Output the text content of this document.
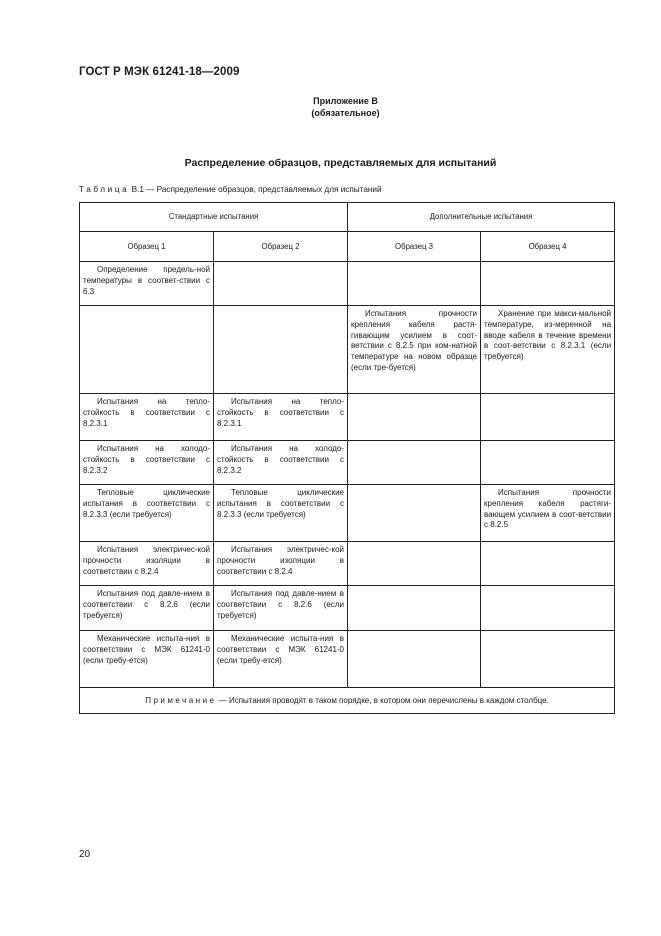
ГОСТ Р МЭК 61241-18—2009
Приложение В
(обязательное)
Распределение образцов, представляемых для испытаний
Таблица В.1 — Распределение образцов, представляемых для испытаний
Стандартные испытания		Дополнительные испытания	
Образец 1	Образец 2	Образец 3	Образец 4

Определение предель-ной температуры в соответ-ствии с 6.3			

		Испытания прочности крепления кабеля растя-гивающим усилием в соот-ветствии с 8.2.5 при ком-натной температуре на новом образце (если тре-буется)	Хранение при макси-мальной температуре, из-меренной на вводе кабеля в течение времени в соот-ветствии с 8.2.3.1 (если требуется)

Испытания на тепло-стойкость в соответствии с 8.2.3.1	Испытания на тепло-стойкость в соответствии с 8.2.3.1		

Испытания на холодо-стойкость в соответствии с 8.2.3.2	Испытания на холодо-стойкость в соответствии с 8.2.3.2		

Тепловые циклические испытания в соответствии с 8.2.3.3 (если требуется)	Тепловые циклические испытания в соответствии с 8.2.3.3 (если требуется)		Испытания прочности крепления кабеля растяги-вающем усилием в соот-ветствии с 8.2.5

Испытания электричес-кой прочности изоляции в соответствии с 8.2.4	Испытания электричес-кой прочности изоляции в соответствии с 8.2.4		

Испытания под давле-нием в соответствии с 8.2.6 (если требуется)	Испытания под давле-нием в соответствии с 8.2.6 (если требуется)		

Механические испыта-ния в соответствии с МЭК 61241-0 (если требу-ется)	Механические испыта-ния в соответствии с МЭК 61241-0 (если требу-ется)		

Примечание — Испытания проводят в таком порядке, в котором они перечислены в каждом столбце.			
20
